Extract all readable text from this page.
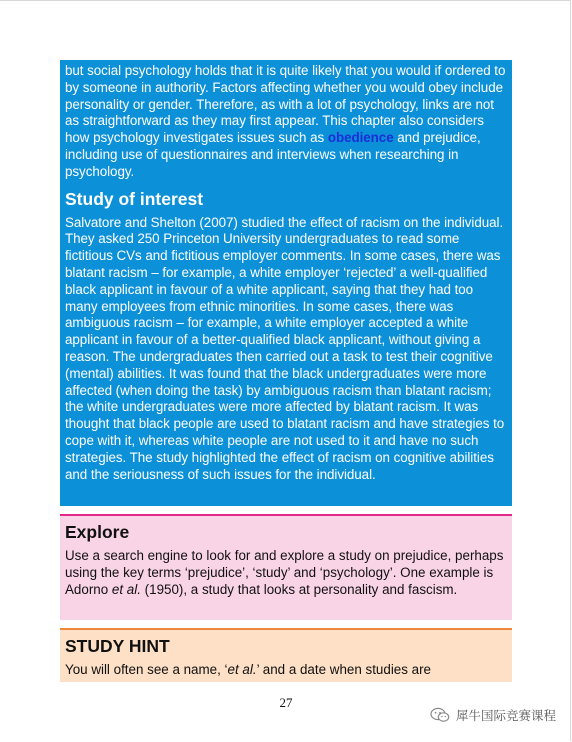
but social psychology holds that it is quite likely that you would if ordered to by someone in authority. Factors affecting whether you would obey include personality or gender. Therefore, as with a lot of psychology, links are not as straightforward as they may first appear. This chapter also considers how psychology investigates issues such as obedience and prejudice, including use of questionnaires and interviews when researching in psychology.

Study of interest

Salvatore and Shelton (2007) studied the effect of racism on the individual. They asked 250 Princeton University undergraduates to read some fictitious CVs and fictitious employer comments. In some cases, there was blatant racism – for example, a white employer ‘rejected’ a well-qualified black applicant in favour of a white applicant, saying that they had too many employees from ethnic minorities. In some cases, there was ambiguous racism – for example, a white employer accepted a white applicant in favour of a better-qualified black applicant, without giving a reason. The undergraduates then carried out a task to test their cognitive (mental) abilities. It was found that the black undergraduates were more affected (when doing the task) by ambiguous racism than blatant racism; the white undergraduates were more affected by blatant racism. It was thought that black people are used to blatant racism and have strategies to cope with it, whereas white people are not used to it and have no such strategies. The study highlighted the effect of racism on cognitive abilities and the seriousness of such issues for the individual.

Explore

Use a search engine to look for and explore a study on prejudice, perhaps using the key terms ‘prejudice’, ‘study’ and ‘psychology’. One example is Adorno et al. (1950), a study that looks at personality and fascism.

STUDY HINT

You will often see a name, ‘et al.’ and a date when studies are

27
犀牛国际竞赛课程
